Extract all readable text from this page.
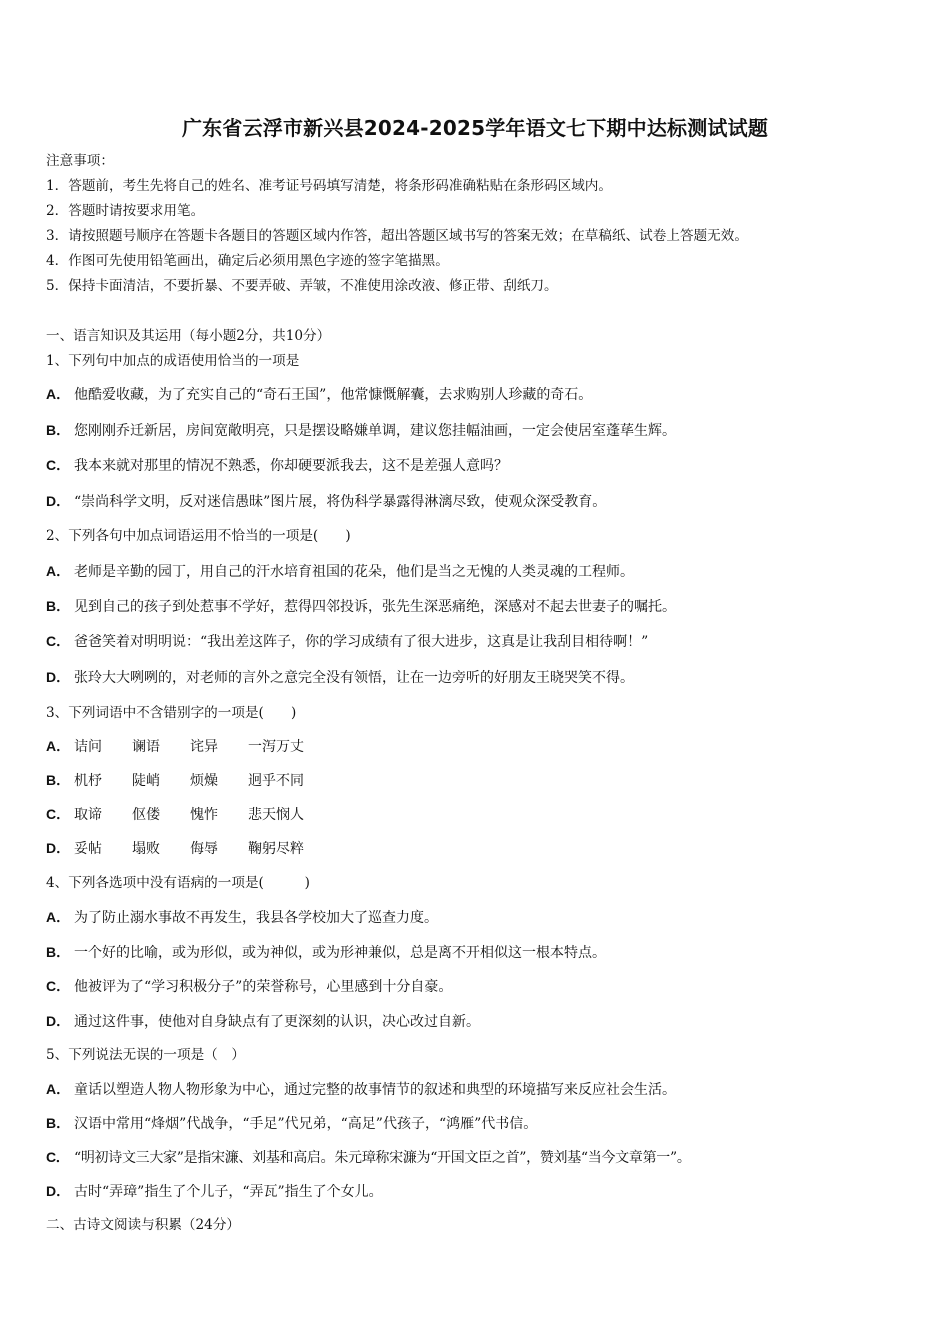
广东省云浮市新兴县2024-2025学年语文七下期中达标测试试题
注意事项：
1．答题前，考生先将自己的姓名、准考证号码填写清楚，将条形码准确粘贴在条形码区域内。
2．答题时请按要求用笔。
3．请按照题号顺序在答题卡各题目的答题区域内作答，超出答题区域书写的答案无效；在草稿纸、试卷上答题无效。
4．作图可先使用铅笔画出，确定后必须用黑色字迹的签字笔描黑。
5．保持卡面清洁，不要折暴、不要弄破、弄皱，不准使用涂改液、修正带、刮纸刀。
一、语言知识及其运用（每小题2分，共10分）
1、下列句中加点的成语使用恰当的一项是
A． 他酷爱收藏，为了充实自己的“奇石王国”，他常慷慨解囊，去求购别人珍藏的奇石。
B． 您刚刚乔迁新居，房间宽敞明亮，只是摆设略嫌单调，建议您挂幅油画，一定会使居室蓬荜生辉。
C． 我本来就对那里的情况不熟悉，你却硬要派我去，这不是差强人意吗？
D． “崇尚科学文明，反对迷信愚昧”图片展，将伪科学暴露得淋漓尽致，使观众深受教育。
2、下列各句中加点词语运用不恰当的一项是(　　)
A． 老师是辛勤的园丁，用自己的汗水培育祖国的花朵，他们是当之无愧的人类灵魂的工程师。
B． 见到自己的孩子到处惹事不学好，惹得四邻投诉，张先生深恶痛绝，深感对不起去世妻子的嘱托。
C． 爸爸笑着对明明说：“我出差这阵子，你的学习成绩有了很大进步，这真是让我刮目相待啊！”
D． 张玲大大咧咧的，对老师的言外之意完全没有领悟，让在一边旁听的好朋友王晓哭笑不得。
3、下列词语中不含错别字的一项是(　　)
A． 诘问 谰语 诧异 一泻万丈
B． 机杼 陡峭 烦燥 迥乎不同
C． 取谛 伛偻 愧怍 悲天悯人
D． 妥帖 塌败 侮辱 鞠躬尽粹
4、下列各选项中没有语病的一项是(　　　)
A． 为了防止溺水事故不再发生，我县各学校加大了巡查力度。
B． 一个好的比喻，或为形似，或为神似，或为形神兼似，总是离不开相似这一根本特点。
C． 他被评为了“学习积极分子”的荣誉称号，心里感到十分自豪。
D． 通过这件事，使他对自身缺点有了更深刻的认识，决心改过自新。
5、下列说法无误的一项是（　）
A． 童话以塑造人物人物形象为中心，通过完整的故事情节的叙述和典型的环境描写来反应社会生活。
B． 汉语中常用“烽烟”代战争，“手足”代兄弟，“高足”代孩子，“鸿雁”代书信。
C． “明初诗文三大家”是指宋濂、刘基和高启。朱元璋称宋濂为“开国文臣之首”，赞刘基“当今文章第一”。
D． 古时“弄璋”指生了个儿子，“弄瓦”指生了个女儿。
二、古诗文阅读与积累（24分）
